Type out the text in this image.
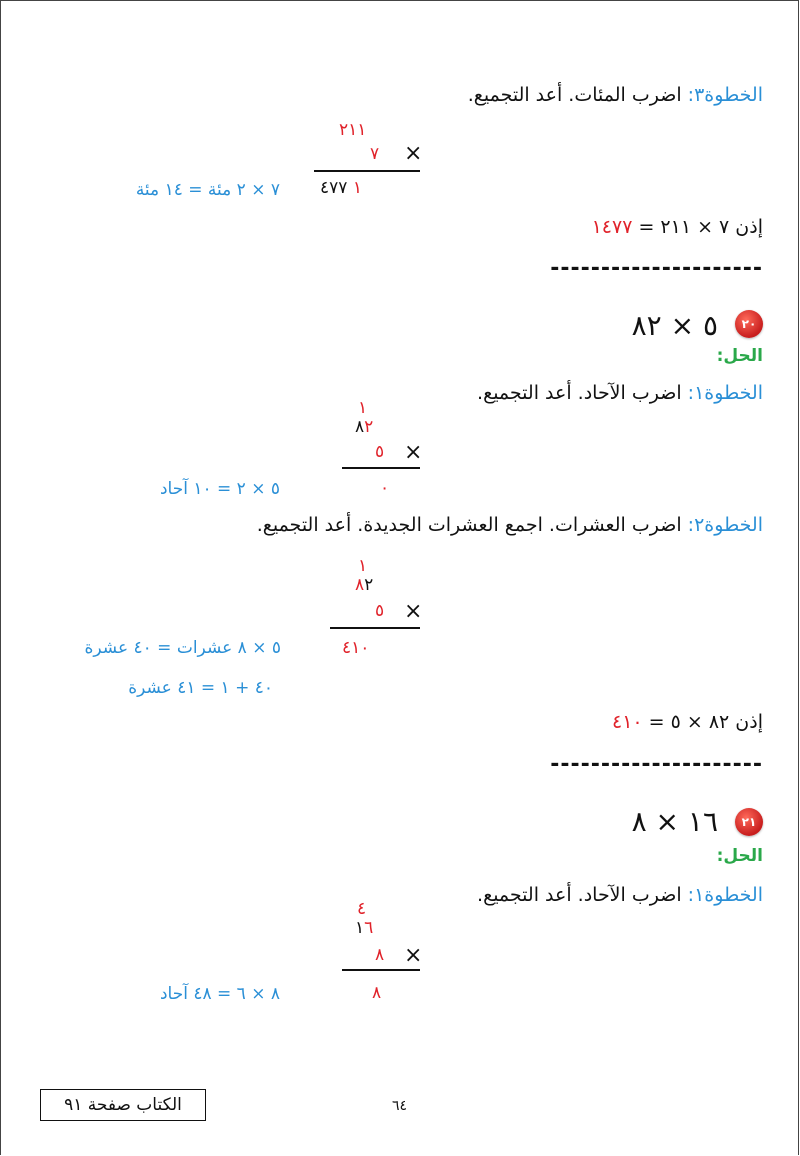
الخطوة٣: اضرب المئات. أعد التجميع.
٢١١
٧ ×
١ ٤٧٧
٧ × ٢ مئة = ١٤ مئة
إذن ٧ × ٢١١ = ١٤٧٧
---------------------
٢٠
٥ × ٨٢
الحل:
الخطوة١: اضرب الآحاد. أعد التجميع.
١
٨٢
٥ ×
٠
٥ × ٢ = ١٠ آحاد
الخطوة٢: اضرب العشرات. اجمع العشرات الجديدة. أعد التجميع.
١
٨٢
٥ ×
٤١٠
٥ × ٨ عشرات = ٤٠ عشرة
٤٠ + ١ = ٤١ عشرة
إذن ٨٢ × ٥ = ٤١٠
---------------------
٢١
١٦ × ٨
الحل:
الخطوة١: اضرب الآحاد. أعد التجميع.
٤
١٦
٨ ×
٨
٨ × ٦ = ٤٨ آحاد
الكتاب صفحة ٩١	٦٤
